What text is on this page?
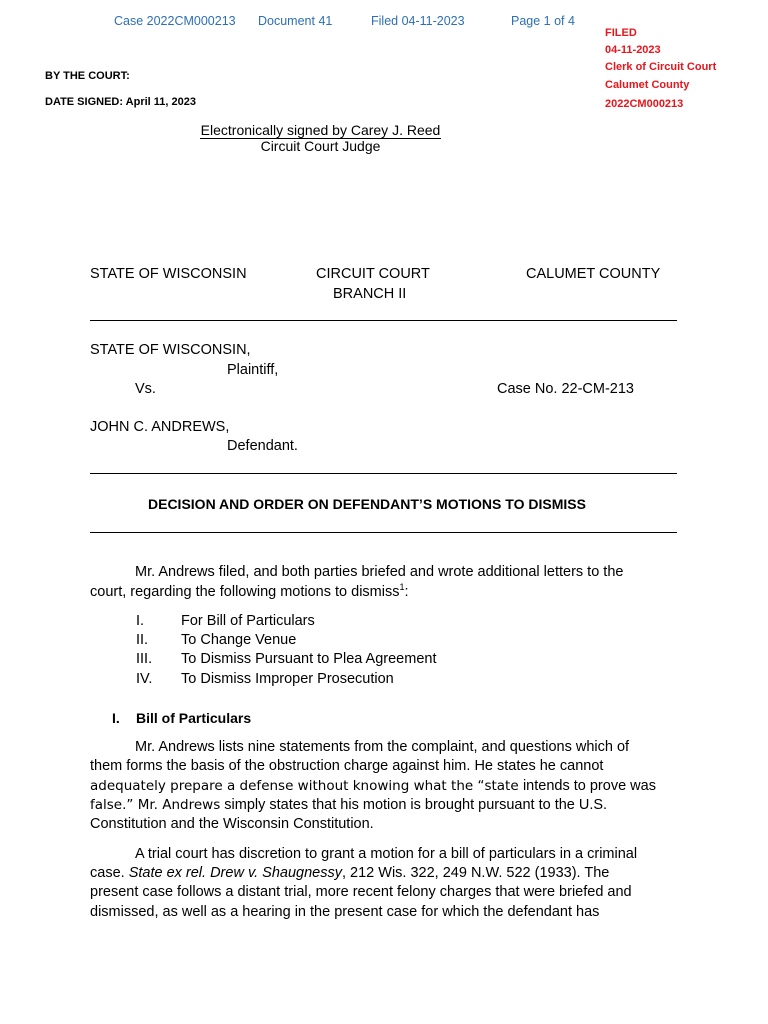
Case 2022CM000213 Document 41	Filed 04-11-2023	Page 1 of 4
FILED
04-11-2023
Clerk of Circuit Court
Calumet County
2022CM000213
BY THE COURT:
DATE SIGNED: April 11, 2023
Electronically signed by Carey J. Reed
Circuit Court Judge
STATE OF WISCONSIN	CIRCUIT COURT
BRANCH II
CALUMET COUNTY
STATE OF WISCONSIN,
Plaintiff,
Vs.	Case No. 22-CM-213
JOHN C. ANDREWS,
Defendant.
DECISION AND ORDER ON DEFENDANT’S MOTIONS TO DISMISS
Mr. Andrews filed, and both parties briefed and wrote additional letters to the
court, regarding the following motions to dismiss$^1$:
I.	For Bill of Particulars
II. To Change Venue
III. To Dismiss Pursuant to Plea Agreement
IV. To Dismiss Improper Prosecution
I. Bill of Particulars
Mr. Andrews lists nine statements from the complaint, and questions which of
them forms the basis of the obstruction charge against him. He states he cannot
adequately prepare a defense without knowing what the “state intends to prove was
false.” Mr. Andrews simply states that his motion is brought pursuant to the U.S.
Constitution and the Wisconsin Constitution.
A trial court has discretion to grant a motion for a bill of particulars in a criminal
case. State ex rel. Drew v. Shaugnessy, 212 Wis. 322, 249 N.W. 522 (1933). The
present case follows a distant trial, more recent felony charges that were briefed and
dismissed, as well as a hearing in the present case for which the defendant has
